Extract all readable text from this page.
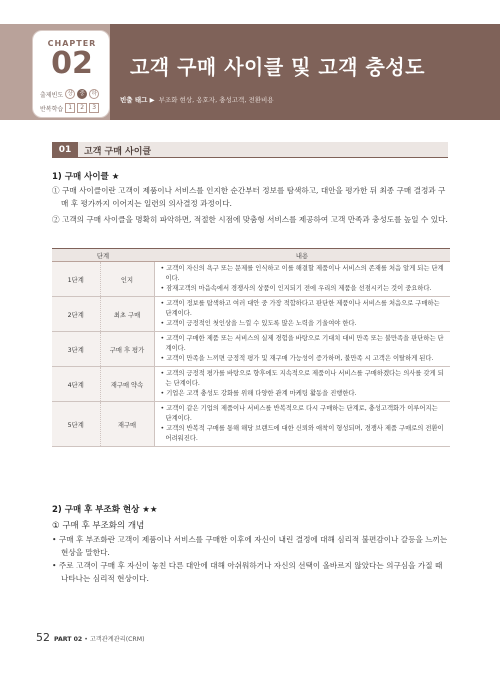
CHAPTER
02
출제빈도 상	중	하
반복학습 1	2	3
고객 구매 사이클 및 고객 충성도
빈출 태그 ▶ 부조화 현상, 옹호자, 충성고객, 전환비용
01	고객 구매 사이클
1) 구매 사이클 ★
① 구매 사이클이란 고객이 제품이나 서비스를 인지한 순간부터 정보를 탐색하고, 대안을 평가한 뒤 최종 구매 결정과 구매 후 평가까지 이어지는 일련의 의사결정 과정이다.
② 고객의 구매 사이클을 명확히 파악하면, 적절한 시점에 맞춤형 서비스를 제공하여 고객 만족과 충성도를 높일 수 있다.
단계		내용
1단계	인지	• 고객이 자신의 욕구 또는 문제를 인식하고 이를 해결할 제품이나 서비스의 존재를 처음 알게 되는 단계이다.
• 잠재고객의 마음속에서 경쟁사의 상품이 인지되기 전에 우리의 제품을 선점시키는 것이 중요하다.

2단계	최초 구매	• 고객이 정보를 탐색하고 여러 대안 중 가장 적합하다고 판단한 제품이나 서비스를 처음으로 구매하는 단계이다.
• 고객이 긍정적인 첫인상을 느낄 수 있도록 많은 노력을 기울여야 한다.

3단계	구매 후 평가	• 고객이 구매한 제품 또는 서비스의 실제 경험을 바탕으로 기대치 대비 만족 또는 불만족을 판단하는 단계이다.
• 고객이 만족을 느끼면 긍정적 평가 및 재구매 가능성이 증가하며, 불만족 시 고객은 이탈하게 된다.

4단계	재구매 약속	• 고객의 긍정적 평가를 바탕으로 향후에도 지속적으로 제품이나 서비스를 구매하겠다는 의사를 갖게 되는 단계이다.
• 기업은 고객 충성도 강화를 위해 다양한 관계 마케팅 활동을 진행한다.

5단계	재구매	• 고객이 같은 기업의 제품이나 서비스를 반복적으로 다시 구매하는 단계로, 충성고객화가 이루어지는 단계이다.
• 고객의 반복적 구매를 통해 해당 브랜드에 대한 신뢰와 애착이 형성되며, 경쟁사 제품 구매로의 전환이 어려워진다.
2) 구매 후 부조화 현상 ★★
① 구매 후 부조화의 개념
• 구매 후 부조화란 고객이 제품이나 서비스를 구매한 이후에 자신이 내린 결정에 대해 심리적 불편감이나 갈등을 느끼는 현상을 말한다.
• 주로 고객이 구매 후 자신이 놓친 다른 대안에 대해 아쉬워하거나 자신의 선택이 올바르지 않았다는 의구심을 가질 때 나타나는 심리적 현상이다.
52 PART 02 • 고객관계관리(CRM)
